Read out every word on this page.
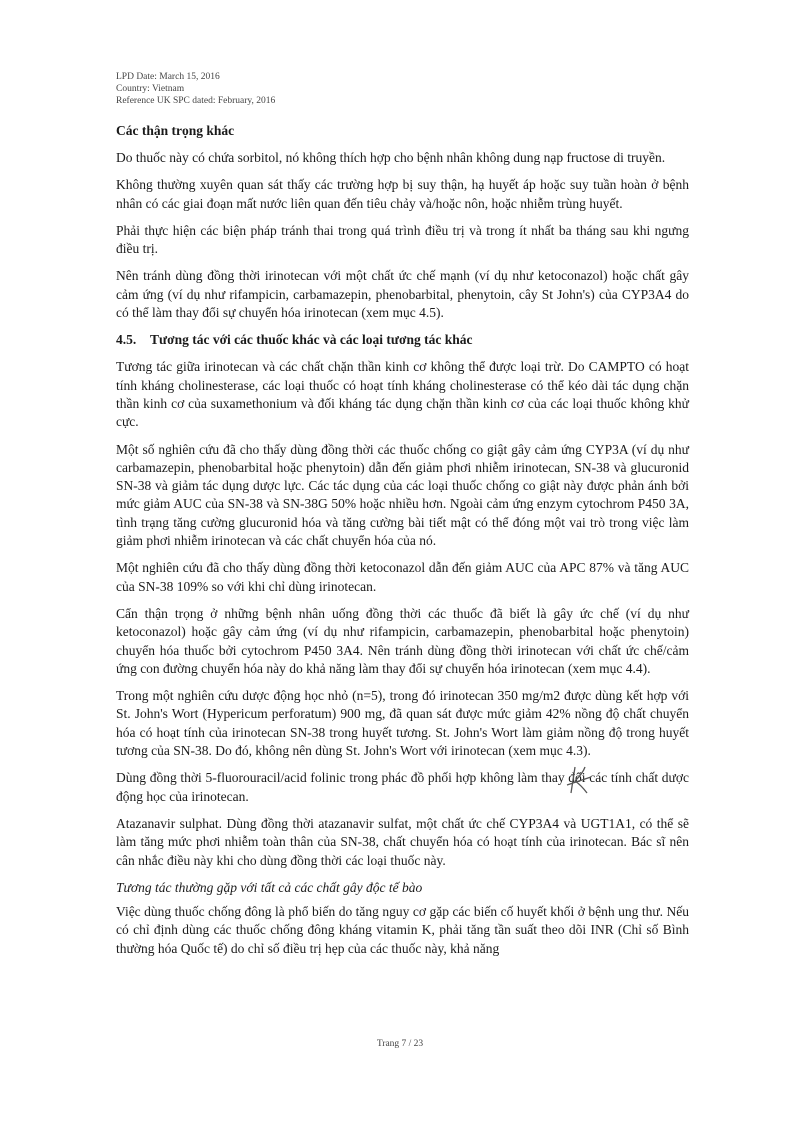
LPD Date: March 15, 2016
Country: Vietnam
Reference UK SPC dated: February, 2016
Các thận trọng khác

Do thuốc này có chứa sorbitol, nó không thích hợp cho bệnh nhân không dung nạp fructose di truyền.

Không thường xuyên quan sát thấy các trường hợp bị suy thận, hạ huyết áp hoặc suy tuần hoàn ở bệnh nhân có các giai đoạn mất nước liên quan đến tiêu chảy và/hoặc nôn, hoặc nhiễm trùng huyết.

Phải thực hiện các biện pháp tránh thai trong quá trình điều trị và trong ít nhất ba tháng sau khi ngưng điều trị.

Nên tránh dùng đồng thời irinotecan với một chất ức chế mạnh (ví dụ như ketoconazol) hoặc chất gây cảm ứng (ví dụ như rifampicin, carbamazepin, phenobarbital, phenytoin, cây St John's) của CYP3A4 do có thể làm thay đổi sự chuyển hóa irinotecan (xem mục 4.5).

4.5. Tương tác với các thuốc khác và các loại tương tác khác

Tương tác giữa irinotecan và các chất chặn thần kinh cơ không thể được loại trừ. Do CAMPTO có hoạt tính kháng cholinesterase, các loại thuốc có hoạt tính kháng cholinesterase có thể kéo dài tác dụng chặn thần kinh cơ của suxamethonium và đối kháng tác dụng chặn thần kinh cơ của các loại thuốc không khử cực.

Một số nghiên cứu đã cho thấy dùng đồng thời các thuốc chống co giật gây cảm ứng CYP3A (ví dụ như carbamazepin, phenobarbital hoặc phenytoin) dẫn đến giảm phơi nhiễm irinotecan, SN-38 và glucuronid SN-38 và giảm tác dụng dược lực. Các tác dụng của các loại thuốc chống co giật này được phản ánh bởi mức giảm AUC của SN-38 và SN-38G 50% hoặc nhiều hơn. Ngoài cảm ứng enzym cytochrom P450 3A, tình trạng tăng cường glucuronid hóa và tăng cường bài tiết mật có thể đóng một vai trò trong việc làm giảm phơi nhiễm irinotecan và các chất chuyển hóa của nó.

Một nghiên cứu đã cho thấy dùng đồng thời ketoconazol dẫn đến giảm AUC của APC 87% và tăng AUC của SN-38 109% so với khi chỉ dùng irinotecan.

Cẩn thận trọng ở những bệnh nhân uống đồng thời các thuốc đã biết là gây ức chế (ví dụ như ketoconazol) hoặc gây cảm ứng (ví dụ như rifampicin, carbamazepin, phenobarbital hoặc phenytoin) chuyển hóa thuốc bởi cytochrom P450 3A4. Nên tránh dùng đồng thời irinotecan với chất ức chế/cảm ứng con đường chuyển hóa này do khả năng làm thay đổi sự chuyển hóa irinotecan (xem mục 4.4).

Trong một nghiên cứu dược động học nhỏ (n=5), trong đó irinotecan 350 mg/m2 được dùng kết hợp với St. John's Wort (Hypericum perforatum) 900 mg, đã quan sát được mức giảm 42% nồng độ chất chuyển hóa có hoạt tính của irinotecan SN-38 trong huyết tương. St. John's Wort làm giảm nồng độ trong huyết tương của SN-38. Do đó, không nên dùng St. John's Wort với irinotecan (xem mục 4.3).

Dùng đồng thời 5-fluorouracil/acid folinic trong phác đồ phối hợp không làm thay đổi các tính chất dược động học của irinotecan.

Atazanavir sulphat. Dùng đồng thời atazanavir sulfat, một chất ức chế CYP3A4 và UGT1A1, có thể sẽ làm tăng mức phơi nhiễm toàn thân của SN-38, chất chuyển hóa có hoạt tính của irinotecan. Bác sĩ nên cân nhắc điều này khi cho dùng đồng thời các loại thuốc này.

Tương tác thường gặp với tất cả các chất gây độc tế bào

Việc dùng thuốc chống đông là phổ biến do tăng nguy cơ gặp các biến cố huyết khối ở bệnh ung thư. Nếu có chỉ định dùng các thuốc chống đông kháng vitamin K, phải tăng tần suất theo dõi INR (Chỉ số Bình thường hóa Quốc tế) do chỉ số điều trị hẹp của các thuốc này, khả năng

Trang 7 / 23
